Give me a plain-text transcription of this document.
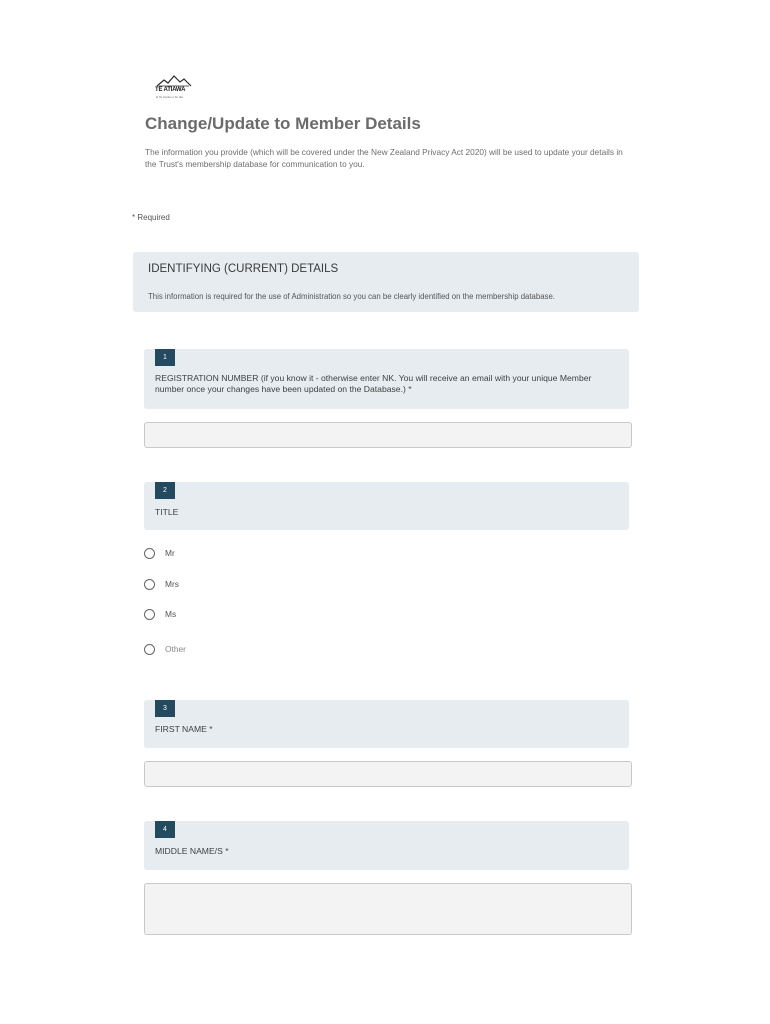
TE ATIAWA
ki Te Upoko o Te Ika
Change/Update to Member Details
The information you provide (which will be covered under the New Zealand Privacy Act 2020) will be used to update your details in the Trust's membership database for communication to you.
* Required
IDENTIFYING (CURRENT) DETAILS
This information is required for the use of Administration so you can be clearly identified on the membership database.
1
REGISTRATION NUMBER (if you know it - otherwise enter NK. You will receive an email with your unique Member number once your changes have been updated on the Database.) *
2
TITLE
Mr
Mrs
Ms
Other
3
FIRST NAME *
4
MIDDLE NAME/S *
